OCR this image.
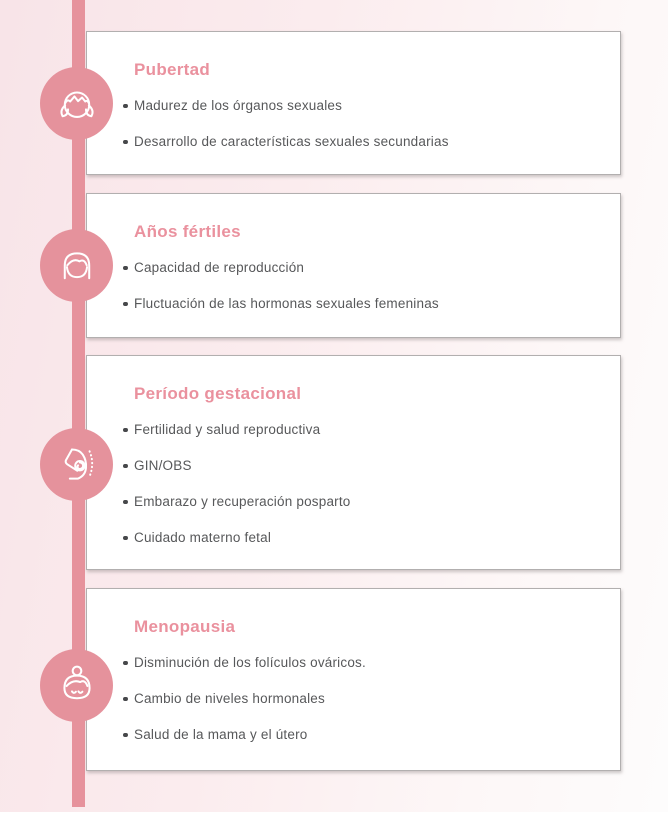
Pubertad
Madurez de los órganos sexuales
Desarrollo de características sexuales secundarias
Años fértiles
Capacidad de reproducción
Fluctuación de las hormonas sexuales femeninas
Período gestacional
Fertilidad y salud reproductiva
GIN/OBS
Embarazo y recuperación posparto
Cuidado materno fetal
Menopausia
Disminución de los folículos ováricos.
Cambio de niveles hormonales
Salud de la mama y el útero
